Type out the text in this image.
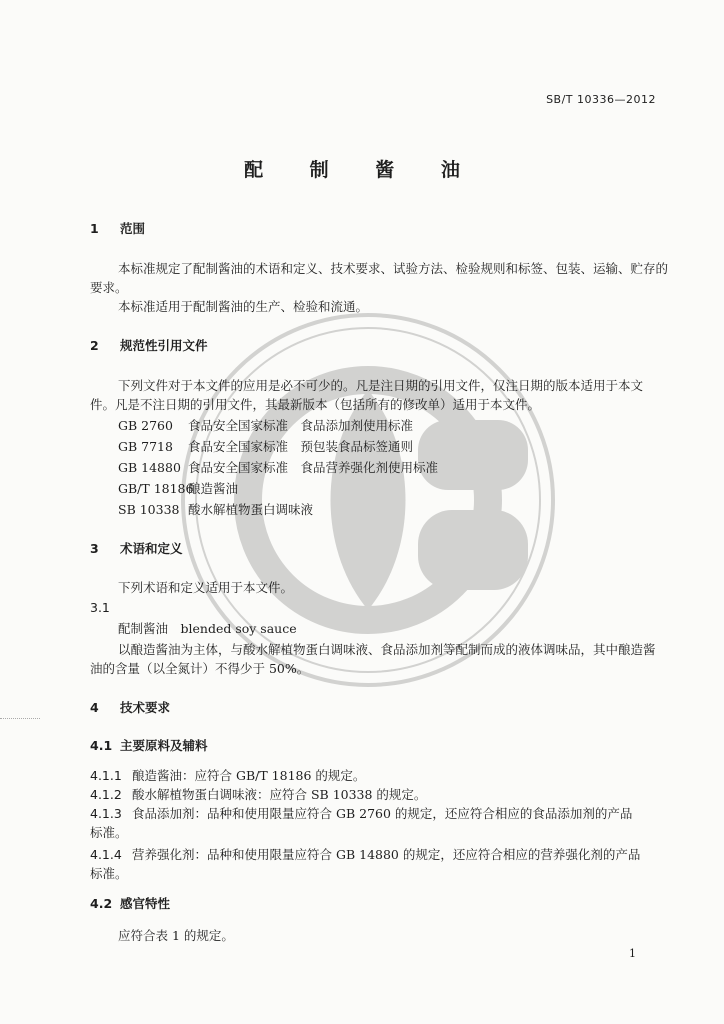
SB/T 10336—2012
配 制 酱 油
1 范围
本标准规定了配制酱油的术语和定义、技术要求、试验方法、检验规则和标签、包装、运输、贮存的
要求。
本标准适用于配制酱油的生产、检验和流通。
2 规范性引用文件
下列文件对于本文件的应用是必不可少的。凡是注日期的引用文件，仅注日期的版本适用于本文
件。凡是不注日期的引用文件，其最新版本（包括所有的修改单）适用于本文件。
GB 2760 食品安全国家标准　食品添加剂使用标准
GB 7718 食品安全国家标准　预包装食品标签通则
GB 14880 食品安全国家标准　食品营养强化剂使用标准
GB/T 18186酿造酱油
SB 10338 酸水解植物蛋白调味液
3 术语和定义
下列术语和定义适用于本文件。
3.1
配制酱油　blended soy sauce
以酿造酱油为主体，与酸水解植物蛋白调味液、食品添加剂等配制而成的液体调味品，其中酿造酱
油的含量（以全氮计）不得少于 50%。
4 技术要求
4.1 主要原料及辅料
4.1.1 酿造酱油：应符合 GB/T 18186 的规定。
4.1.2 酸水解植物蛋白调味液：应符合 SB 10338 的规定。
4.1.3 食品添加剂：品种和使用限量应符合 GB 2760 的规定，还应符合相应的食品添加剂的产品
标准。
4.1.4 营养强化剂：品种和使用限量应符合 GB 14880 的规定，还应符合相应的营养强化剂的产品
标准。
4.2 感官特性
应符合表 1 的规定。
1
